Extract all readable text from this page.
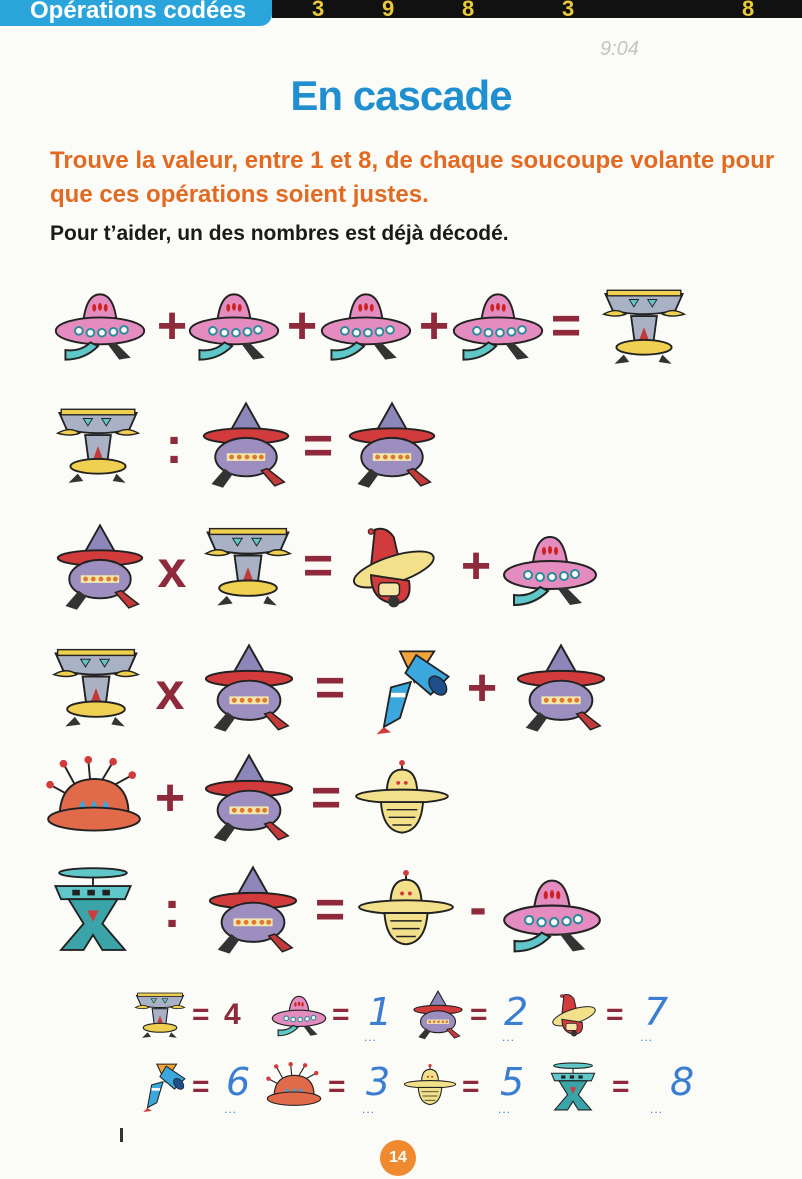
Opérations codées	3	9	8	3	8
9:04
En cascade
Trouve la valeur, entre 1 et 8, de chaque soucoupe volante pour que ces opérations soient justes.
Pour t’aider, un des nombres est déjà décodé.
+ + + =
: =
x = +
x	= +
+ =
:	= -
= 4	= 1
...
= 2
...
= 7
...
= 6
...
= 3
...
= 5
...
= 8
...
14
